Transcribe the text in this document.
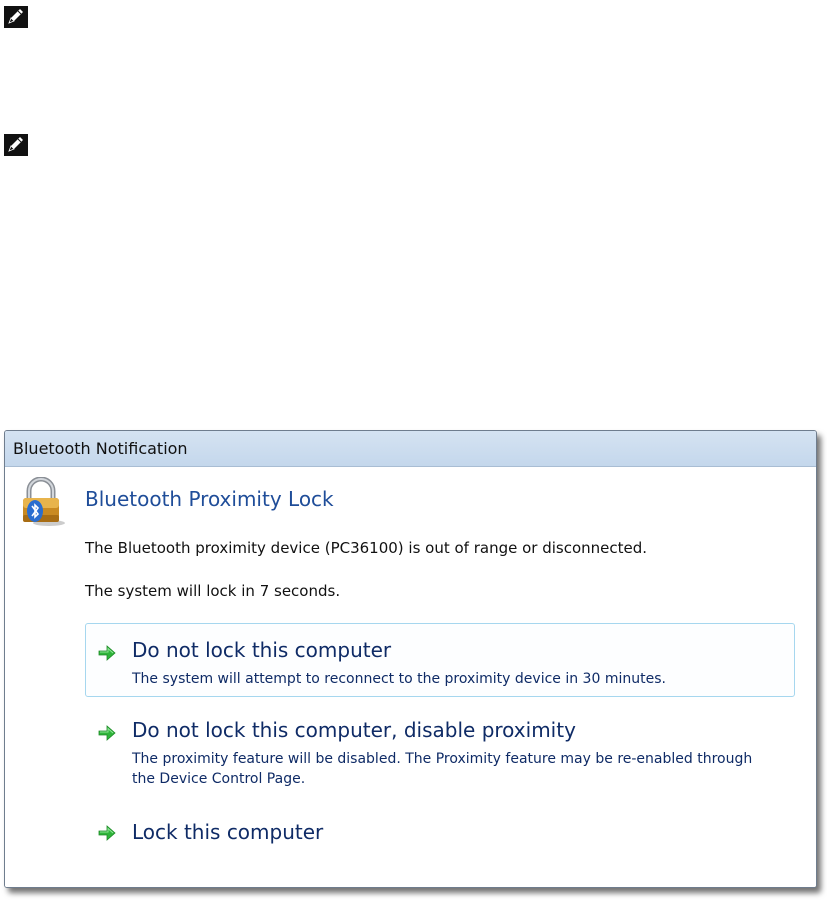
Bluetooth Notification
Bluetooth Proximity Lock
The Bluetooth proximity device (PC36100) is out of range or disconnected.
The system will lock in 7 seconds.
Do not lock this computer
The system will attempt to reconnect to the proximity device in 30 minutes.
Do not lock this computer, disable proximity
The proximity feature will be disabled. The Proximity feature may be re-enabled through the Device Control Page.
Lock this computer
